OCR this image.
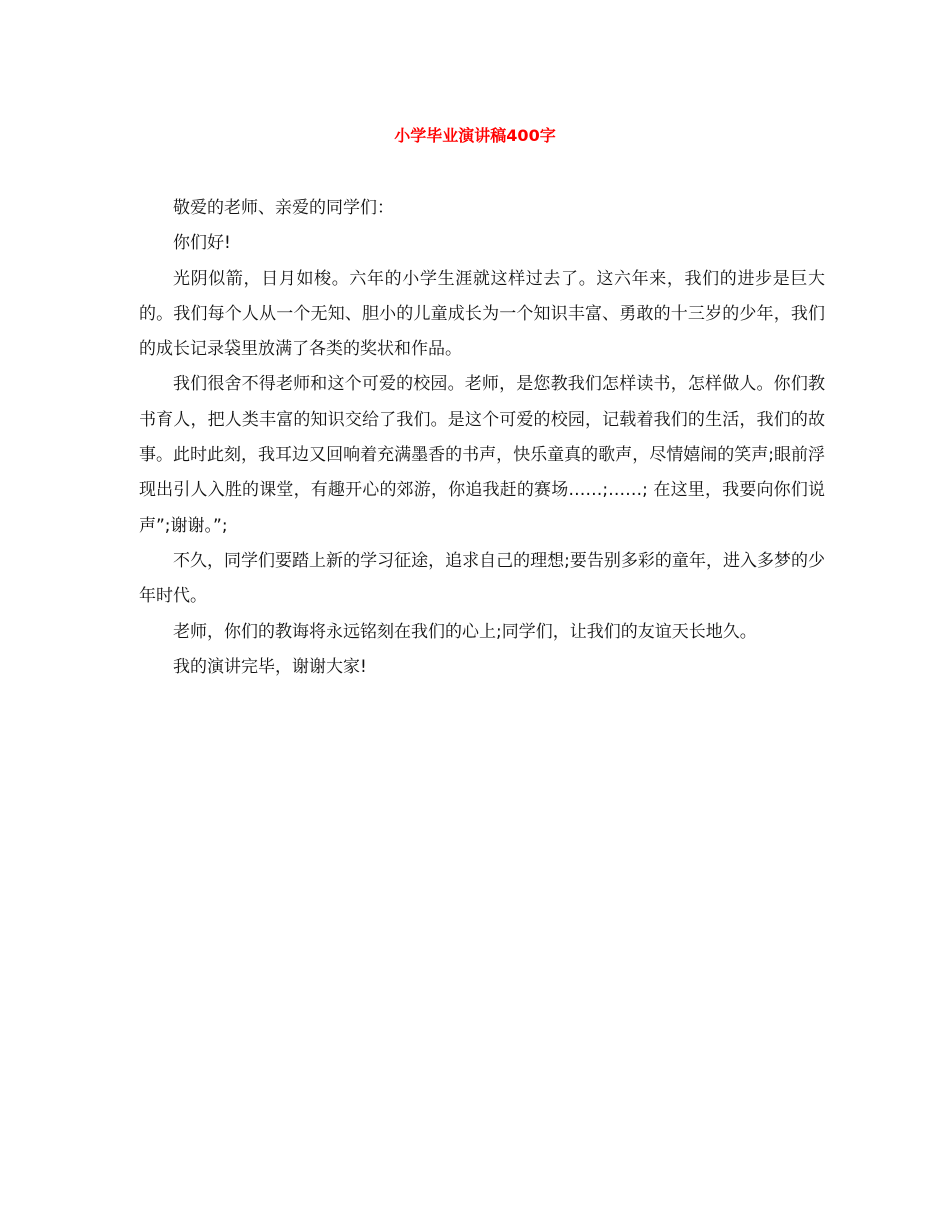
小学毕业演讲稿400字

敬爱的老师、亲爱的同学们：

你们好!

光阴似箭，日月如梭。六年的小学生涯就这样过去了。这六年来，我们的进步是巨大的。我们每个人从一个无知、胆小的儿童成长为一个知识丰富、勇敢的十三岁的少年，我们的成长记录袋里放满了各类的奖状和作品。

我们很舍不得老师和这个可爱的校园。老师，是您教我们怎样读书，怎样做人。你们教书育人，把人类丰富的知识交给了我们。是这个可爱的校园，记载着我们的生活，我们的故事。此时此刻，我耳边又回响着充满墨香的书声，快乐童真的歌声，尽情嬉闹的笑声;眼前浮现出引人入胜的课堂，有趣开心的郊游，你追我赶的赛场……;……; 在这里，我要向你们说声”;谢谢。”;

不久，同学们要踏上新的学习征途，追求自己的理想;要告别多彩的童年，进入多梦的少年时代。

老师，你们的教诲将永远铭刻在我们的心上;同学们，让我们的友谊天长地久。

我的演讲完毕，谢谢大家!
